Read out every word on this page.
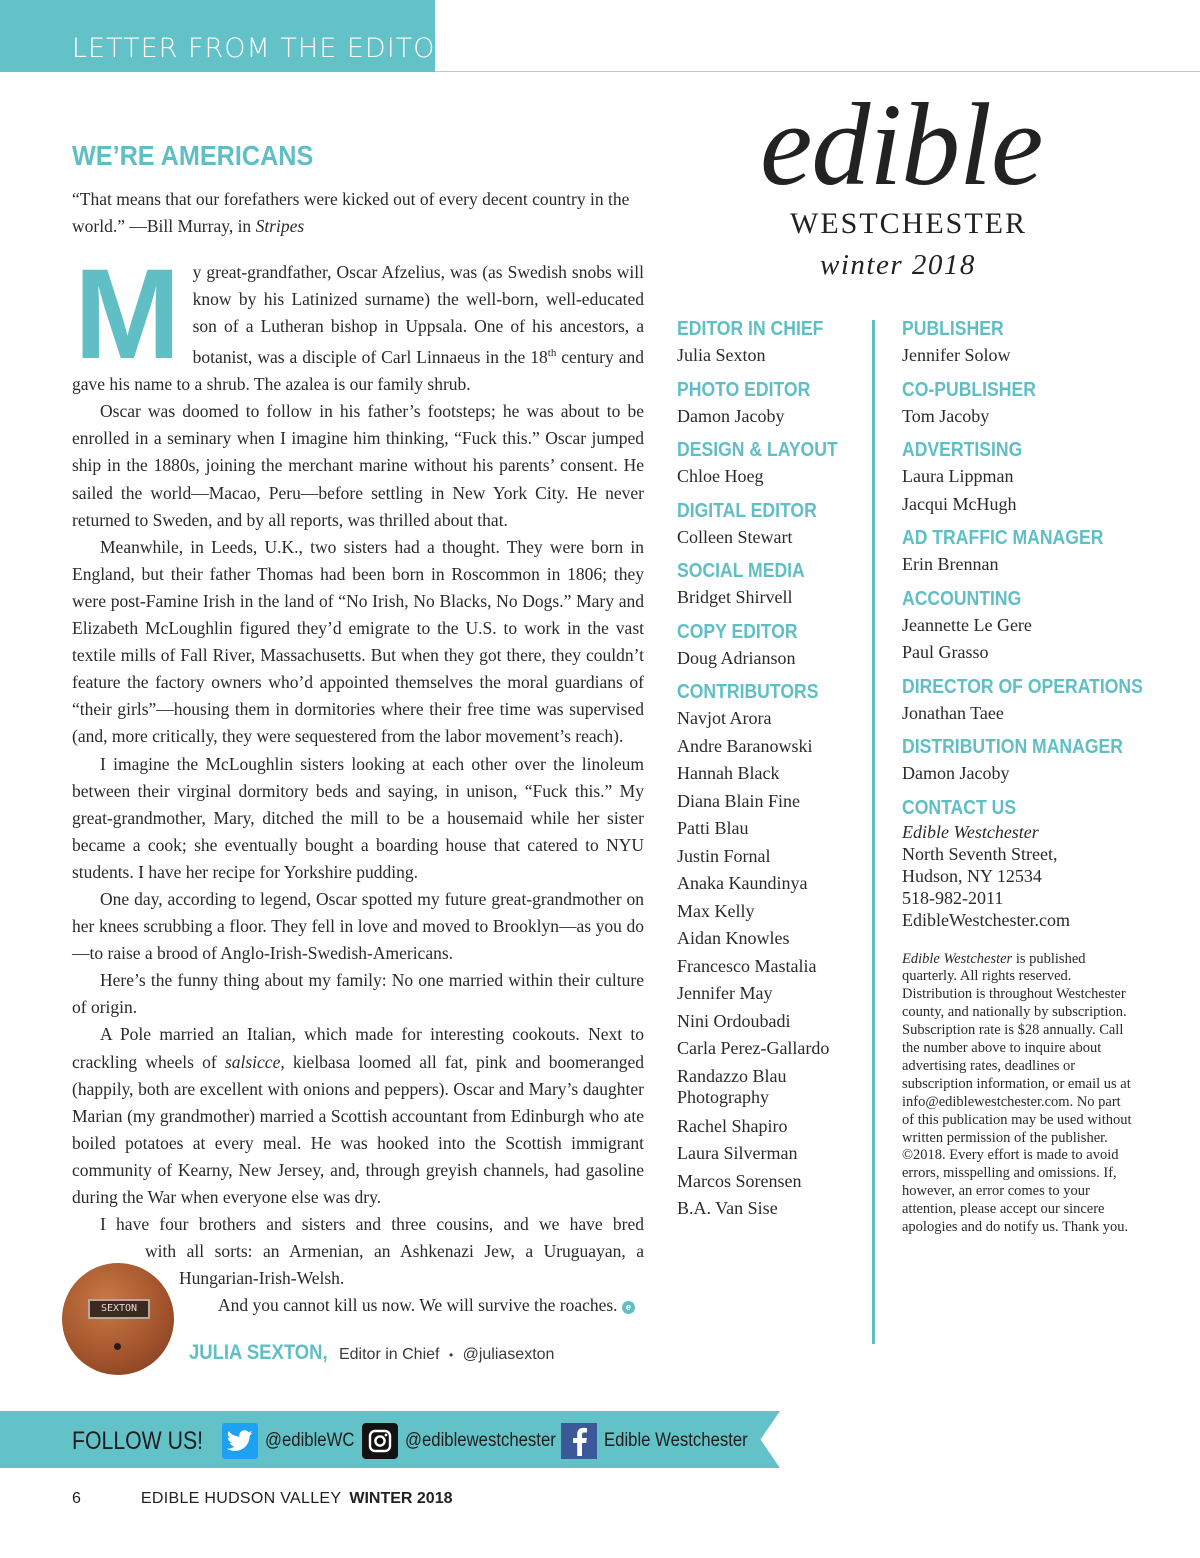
LETTER FROM THE EDITOR
WE’RE AMERICANS
“That means that our forefathers were kicked out of every decent country in the world.” —Bill Murray, in Stripes

My great-grandfather, Oscar Afzelius, was (as Swedish snobs will know by his Latinized surname) the well-born, well-educated son of a Lutheran bishop in Uppsala. One of his ancestors, a botanist, was a disciple of Carl Linnaeus in the 18th century and gave his name to a shrub. The azalea is our family shrub.

Oscar was doomed to follow in his father’s footsteps; he was about to be enrolled in a seminary when I imagine him thinking, “Fuck this.” Oscar jumped ship in the 1880s, joining the merchant marine without his parents’ consent. He sailed the world—Macao, Peru—before settling in New York City. He never returned to Sweden, and by all reports, was thrilled about that.

Meanwhile, in Leeds, U.K., two sisters had a thought. They were born in England, but their father Thomas had been born in Roscommon in 1806; they were post-Famine Irish in the land of “No Irish, No Blacks, No Dogs.” Mary and Elizabeth McLoughlin figured they’d emigrate to the U.S. to work in the vast textile mills of Fall River, Massachusetts. But when they got there, they couldn’t feature the factory owners who’d appointed themselves the moral guardians of “their girls”—housing them in dormitories where their free time was supervised (and, more critically, they were sequestered from the labor movement’s reach).

I imagine the McLoughlin sisters looking at each other over the linoleum between their virginal dormitory beds and saying, in unison, “Fuck this.” My great-grandmother, Mary, ditched the mill to be a housemaid while her sister became a cook; she eventually bought a boarding house that catered to NYU students. I have her recipe for Yorkshire pudding.

One day, according to legend, Oscar spotted my future great-grandmother on her knees scrubbing a floor. They fell in love and moved to Brooklyn—as you do—to raise a brood of Anglo-Irish-Swedish-Americans.

Here’s the funny thing about my family: No one married within their culture of origin.

A Pole married an Italian, which made for interesting cookouts. Next to crackling wheels of salsicce, kielbasa loomed all fat, pink and boomeranged (happily, both are excellent with onions and peppers). Oscar and Mary’s daughter Marian (my grandmother) married a Scottish accountant from Edinburgh who ate boiled potatoes at every meal. He was hooked into the Scottish immigrant community of Kearny, New Jersey, and, through greyish channels, had gasoline during the War when everyone else was dry.

I have four brothers and sisters and three cousins, and we have bred

with all sorts: an Armenian, an Ashkenazi Jew, a Uruguayan, a

Hungarian-Irish-Welsh.

And you cannot kill us now. We will survive the roaches. e

SEXTON
JULIA SEXTON, Editor in Chief • @juliasexton
edible
WESTCHESTER
winter 2018
EDITOR IN CHIEF
Julia Sexton
PHOTO EDITOR
Damon Jacoby
DESIGN & LAYOUT
Chloe Hoeg
DIGITAL EDITOR
Colleen Stewart
SOCIAL MEDIA
Bridget Shirvell
COPY EDITOR
Doug Adrianson
CONTRIBUTORS
Navjot Arora
Andre Baranowski
Hannah Black
Diana Blain Fine
Patti Blau
Justin Fornal
Anaka Kaundinya
Max Kelly
Aidan Knowles
Francesco Mastalia
Jennifer May
Nini Ordoubadi
Carla Perez-Gallardo
Randazzo Blau Photography
Rachel Shapiro
Laura Silverman
Marcos Sorensen
B.A. Van Sise
PUBLISHER
Jennifer Solow
CO-PUBLISHER
Tom Jacoby
ADVERTISING
Laura Lippman
Jacqui McHugh
AD TRAFFIC MANAGER
Erin Brennan
ACCOUNTING
Jeannette Le Gere
Paul Grasso
DIRECTOR OF OPERATIONS
Jonathan Taee
DISTRIBUTION MANAGER
Damon Jacoby
CONTACT US
Edible Westchester
North Seventh Street,
Hudson, NY 12534
518-982-2011
EdibleWestchester.com
Edible Westchester is published quarterly. All rights reserved. Distribution is throughout Westchester county, and nationally by subscription. Subscription rate is $28 annually. Call the number above to inquire about advertising rates, deadlines or subscription information, or email us at info@ediblewestchester.com. No part of this publication may be used without written permission of the publisher. ©2018. Every effort is made to avoid errors, misspelling and omissions. If, however, an error comes to your attention, please accept our sincere apologies and do notify us. Thank you.
FOLLOW US!	@edibleWC	@ediblewestchester	Edible Westchester
6	EDIBLE HUDSON VALLEY WINTER 2018
